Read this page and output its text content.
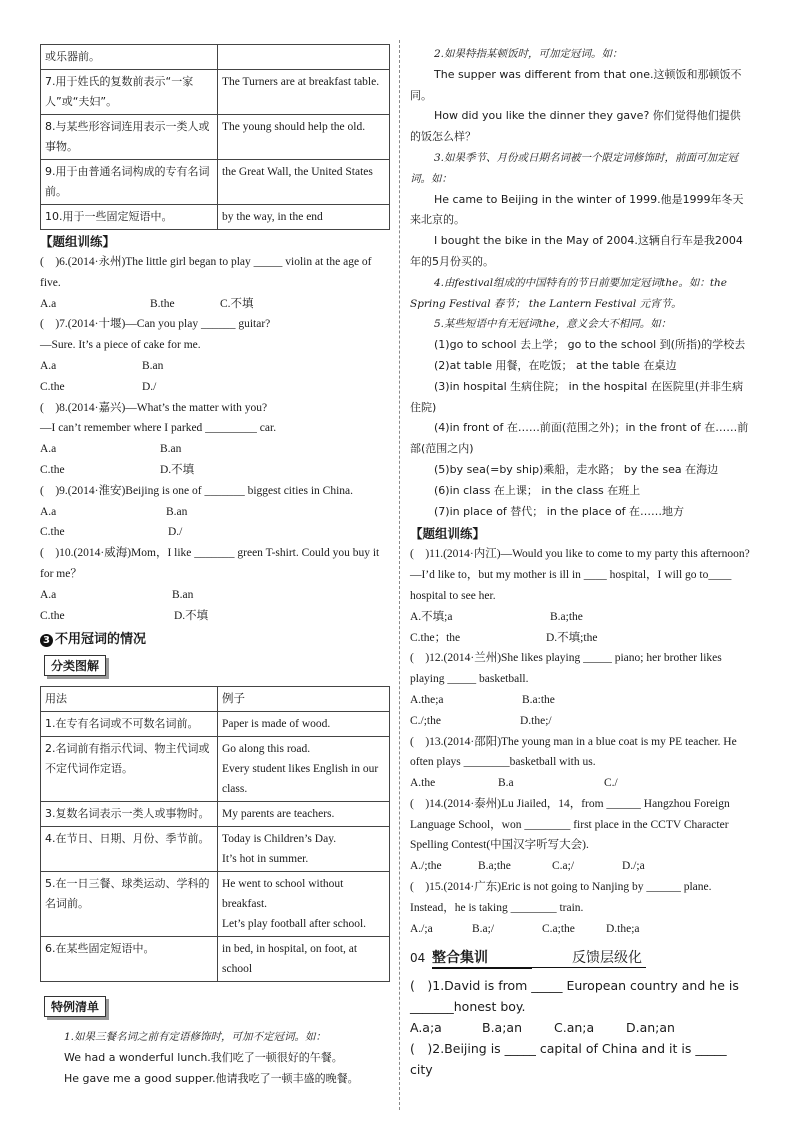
或乐器前。	
7.用于姓氏的复数前表示“一家人”或“夫妇”。	The Turners are at breakfast table.
8.与某些形容词连用表示一类人或事物。	The young should help the old.
9.用于由普通名词构成的专有名词前。	the Great Wall, the United States
10.用于一些固定短语中。	by the way, in the end
【题组训练】
(　)6.(2014·永州)The little girl began to play _____ violin at the age of five.
A.a	B.the	C.不填
(　)7.(2014·十堰)—Can you play ______ guitar?
—Sure. It’s a piece of cake for me.
A.a	B.an
C.the	D./
(　)8.(2014·嘉兴)—What’s the matter with you?
—I can’t remember where I parked _________ car.
A.a	B.an
C.the	D.不填
(　)9.(2014·淮安)Beijing is one of _______ biggest cities in China.
A.a	B.an
C.the	D./
(　)10.(2014·威海)Mom，I like _______ green T-shirt. Could you buy it for me？
A.a	B.an
C.the	D.不填
3 不用冠词的情况
分类图解
用法	例子
1.在专有名词或不可数名词前。	Paper is made of wood.

2.名词前有指示代词、物主代词或不定代词作定语。	Go along this road.
Every student likes English in our class.

3.复数名词表示一类人或事物时。	My parents are teachers.

4.在节日、日期、月份、季节前。	Today is Children’s Day.
It’s hot in summer.

5.在一日三餐、球类运动、学科的名词前。	He went to school without breakfast.
Let’s play football after school.

6.在某些固定短语中。	in bed, in hospital, on foot, at school
特例清单
1.如果三餐名词之前有定语修饰时，可加不定冠词。如：
We had a wonderful lunch.我们吃了一顿很好的午餐。
He gave me a good supper.他请我吃了一顿丰盛的晚餐。
2.如果特指某顿饭时，可加定冠词。如：
The supper was different from that one.这顿饭和那顿饭不同。
How did you like the dinner they gave? 你们觉得他们提供的饭怎么样？
3.如果季节、月份或日期名词被一个限定词修饰时，前面可加定冠词。如：
He came to Beijing in the winter of 1999.他是1999年冬天来北京的。
I bought the bike in the May of 2004.这辆自行车是我2004年的5月份买的。
4.由festival组成的中国特有的节日前要加定冠词the。如：the Spring Festival 春节； the Lantern Festival 元宵节。
5.某些短语中有无冠词the，意义会大不相同。如：
(1)go to school 去上学； go to the school 到(所指)的学校去
(2)at table 用餐，在吃饭； at the table 在桌边
(3)in hospital 生病住院； in the hospital 在医院里(并非生病住院)
(4)in front of 在……前面(范围之外)；in the front of 在……前部(范围之内)
(5)by sea(=by ship)乘船，走水路； by the sea 在海边
(6)in class 在上课； in the class 在班上
(7)in place of 替代； in the place of 在……地方
【题组训练】
(　)11.(2014·内江)—Would you like to come to my party this afternoon?
—I’d like to，but my mother is ill in ____ hospital，I will go to____ hospital to see her.
A.不填;a	B.a;the
C.the；the	D.不填;the
(　)12.(2014·兰州)She likes playing _____ piano; her brother likes playing _____ basketball.
A.the;a	B.a:the
C./;the	D.the;/
(　)13.(2014·邵阳)The young man in a blue coat is my PE teacher. He often plays ________basketball with us.
A.the	B.a	C./
(　)14.(2014·泰州)Lu Jiailed，14，from ______ Hangzhou Foreign Language School，won ________ first place in the CCTV Character Spelling Contest(中国汉字听写大会).
A./;the	B.a;the	C.a;/	D./;a
(　)15.(2014·广东)Eric is not going to Nanjing by ______ plane. Instead，he is taking ________ train.
A./;a	B.a;/	C.a;the	D.the;a
04 整合集训	反馈层级化
(　)1.David is from _____ European country and he is _______honest boy.
A.a;a	B.a;an	C.an;a	D.an;an
(　)2.Beijing is _____ capital of China and it is _____ city
